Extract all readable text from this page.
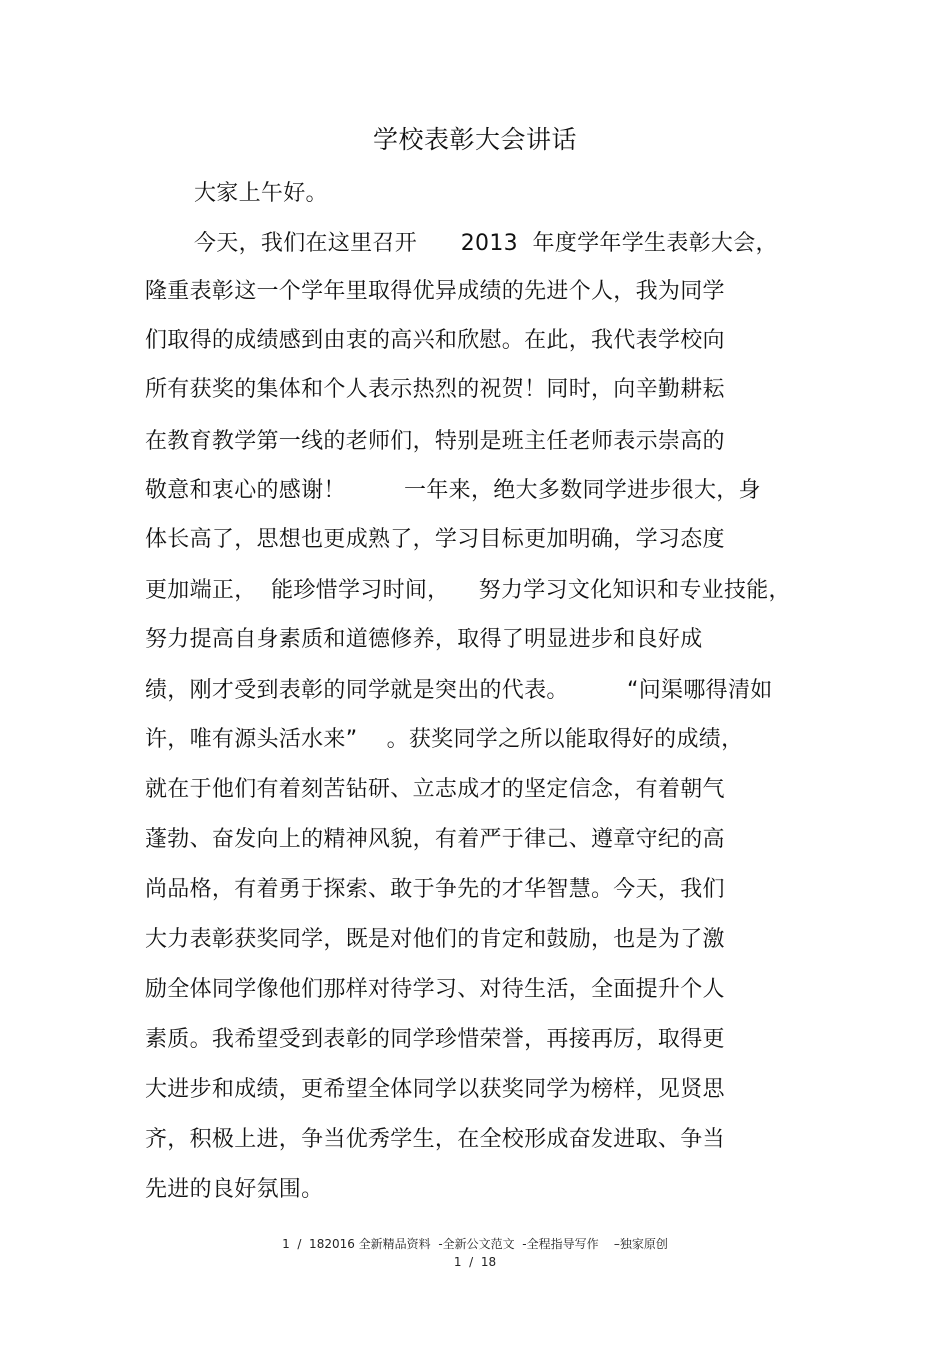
学校表彰大会讲话
大家上午好。
今天，我们在这里召开      2013  年度学年学生表彰大会，
隆重表彰这一个学年里取得优异成绩的先进个人，我为同学
们取得的成绩感到由衷的高兴和欣慰。在此，我代表学校向
所有获奖的集体和个人表示热烈的祝贺！同时，向辛勤耕耘
在教育教学第一线的老师们，特别是班主任老师表示崇高的
敬意和衷心的感谢！        一年来，绝大多数同学进步很大，身
体长高了，思想也更成熟了，学习目标更加明确，学习态度
更加端正，  能珍惜学习时间，    努力学习文化知识和专业技能，
努力提高自身素质和道德修养，取得了明显进步和良好成
绩，刚才受到表彰的同学就是突出的代表。        “问渠哪得清如
许，唯有源头活水来”    。获奖同学之所以能取得好的成绩，
就在于他们有着刻苦钻研、立志成才的坚定信念，有着朝气
蓬勃、奋发向上的精神风貌，有着严于律己、遵章守纪的高
尚品格，有着勇于探索、敢于争先的才华智慧。今天，我们
大力表彰获奖同学，既是对他们的肯定和鼓励，也是为了激
励全体同学像他们那样对待学习、对待生活，全面提升个人
素质。我希望受到表彰的同学珍惜荣誉，再接再厉，取得更
大进步和成绩，更希望全体同学以获奖同学为榜样，见贤思
齐，积极上进，争当优秀学生，在全校形成奋发进取、争当
先进的良好氛围。
1  /  182016 全新精品资料  -全新公文范文  -全程指导写作    –独家原创
1  /  18
